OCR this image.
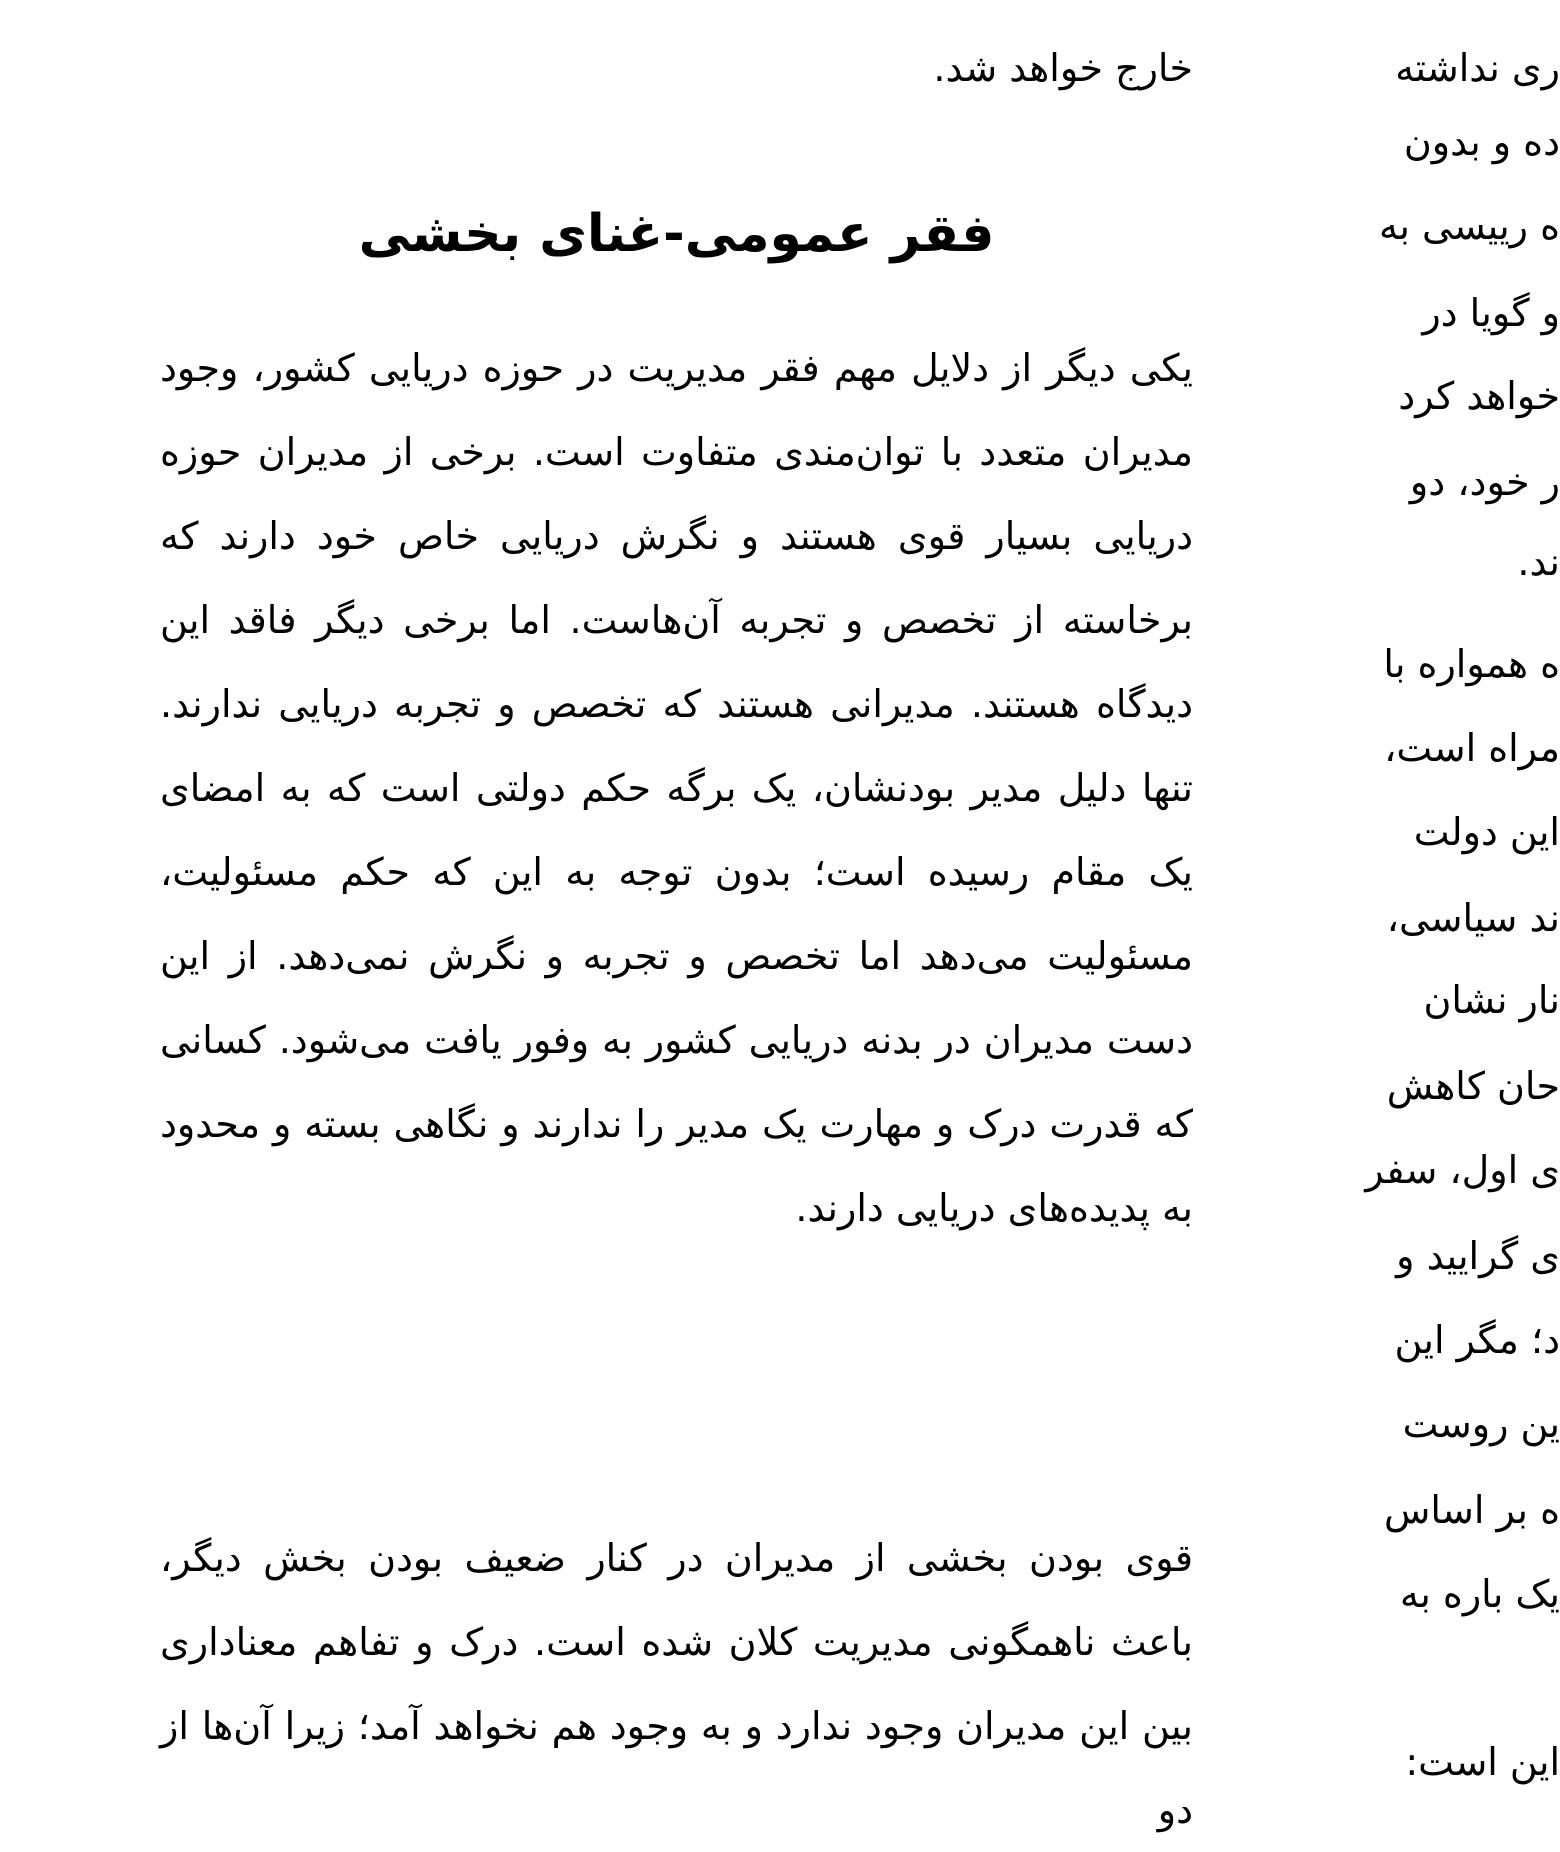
خارج خواهد شد.
فقر عمومی-غنای بخشی

یکی دیگر از دلایل مهم فقر مدیریت در حوزه دریایی کشور، وجود مدیران متعدد با توان‌مندی متفاوت است. برخی از مدیران حوزه دریایی بسیار قوی هستند و نگرش دریایی خاص خود دارند که برخاسته از تخصص و تجربه آن‌هاست. اما برخی دیگر فاقد این دیدگاه هستند. مدیرانی هستند که تخصص و تجربه دریایی ندارند. تنها دلیل مدیر بودنشان، یک برگه حکم دولتی است که به امضای یک مقام رسیده است؛ بدون توجه به این که حکم مسئولیت، مسئولیت می‌دهد اما تخصص و تجربه و نگرش نمی‌دهد. از این دست مدیران در بدنه دریایی کشور به وفور یافت می‌شود. کسانی که قدرت درک و مهارت یک مدیر را ندارند و نگاهی بسته و محدود به پدیده‌های دریایی دارند.

قوی بودن بخشی از مدیران در کنار ضعیف بودن بخش دیگر، باعث ناهمگونی مدیریت کلان شده است. درک و تفاهم معناداری بین این مدیران وجود ندارد و به وجود هم نخواهد آمد؛ زیرا آن‌ها از دو

ری نداشته
ده و بدون
ه رییسی به
و گویا در
خواهد کرد
ر خود، دو
ند.
ه همواره با
مراه است،
این دولت
ند سیاسی،
نار نشان
حان کاهش
ی اول، سفر
ی گرایید و
د؛ مگر این
ین روست
ه بر اساس
یک باره به
این است:
